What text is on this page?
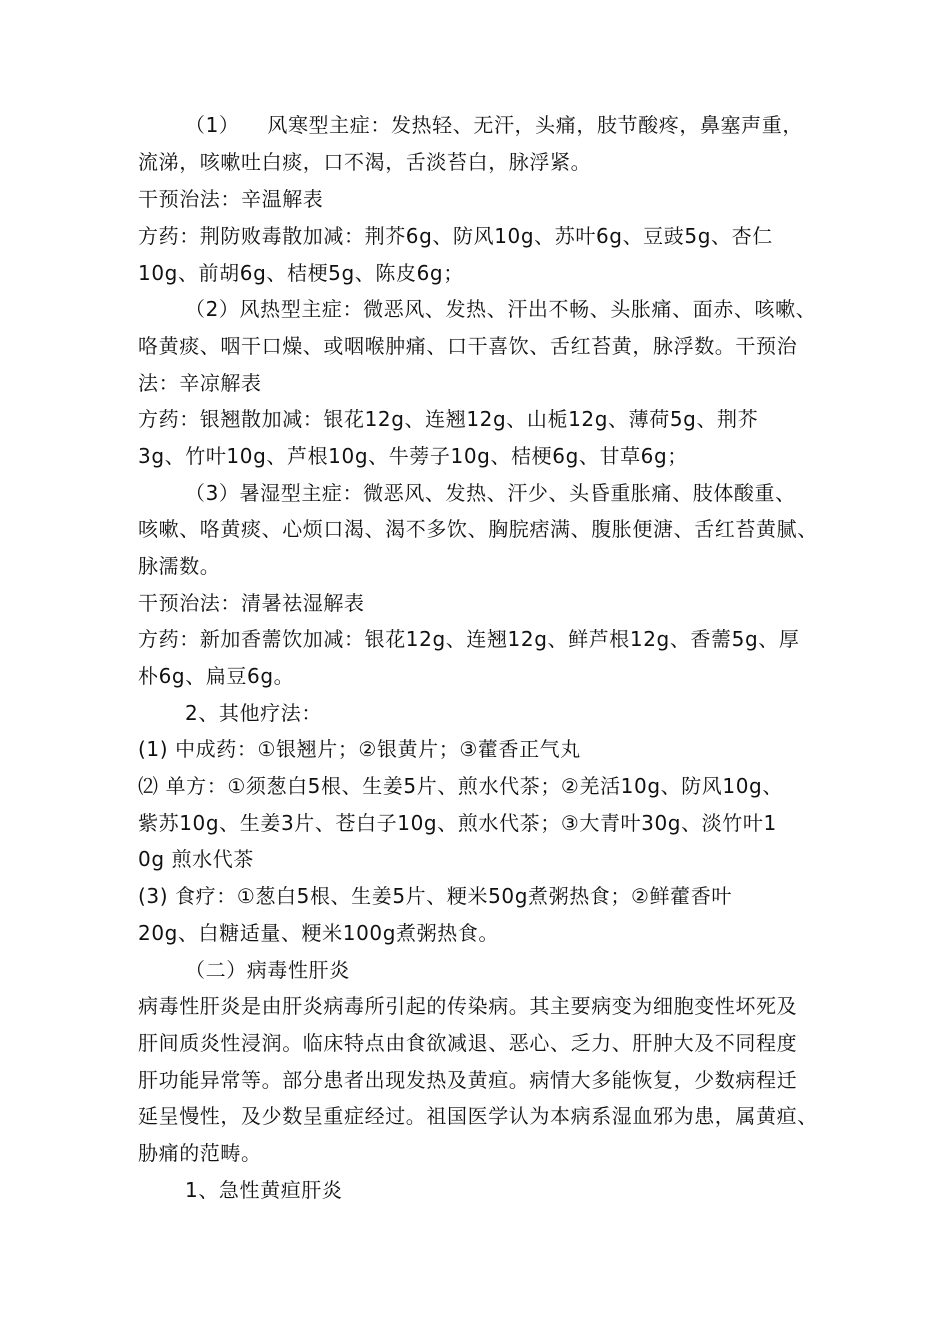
（1）    风寒型主症：发热轻、无汗，头痛，肢节酸疼，鼻塞声重，
流涕，咳嗽吐白痰，口不渴，舌淡苔白，脉浮紧。
干预治法：辛温解表
方药：荆防败毒散加减：荆芥6g、防风10g、苏叶6g、豆豉5g、杏仁
10g、前胡6g、桔梗5g、陈皮6g；
（2）风热型主症：微恶风、发热、汗出不畅、头胀痛、面赤、咳嗽、
咯黄痰、咽干口燥、或咽喉肿痛、口干喜饮、舌红苔黄，脉浮数。干预治
法：辛凉解表
方药：银翘散加减：银花12g、连翘12g、山栀12g、薄荷5g、荆芥
3g、竹叶10g、芦根10g、牛蒡子10g、桔梗6g、甘草6g；
（3）暑湿型主症：微恶风、发热、汗少、头昏重胀痛、肢体酸重、
咳嗽、咯黄痰、心烦口渴、渴不多饮、胸脘痞满、腹胀便溏、舌红苔黄腻、
脉濡数。
干预治法：清暑祛湿解表
方药：新加香薷饮加减：银花12g、连翘12g、鲜芦根12g、香薷5g、厚
朴6g、扁豆6g。
2、其他疗法：
(1) 中成药：①银翘片；②银黄片；③藿香正气丸
⑵ 单方：①须葱白5根、生姜5片、煎水代茶；②羌活10g、防风10g、
紫苏10g、生姜3片、苍白子10g、煎水代茶；③大青叶30g、淡竹叶1
0g 煎水代茶
(3) 食疗：①葱白5根、生姜5片、粳米50g煮粥热食；②鲜藿香叶
20g、白糖适量、粳米100g煮粥热食。
（二）病毒性肝炎
病毒性肝炎是由肝炎病毒所引起的传染病。其主要病变为细胞变性坏死及
肝间质炎性浸润。临床特点由食欲减退、恶心、乏力、肝肿大及不同程度
肝功能异常等。部分患者出现发热及黄疸。病情大多能恢复，少数病程迁
延呈慢性，及少数呈重症经过。祖国医学认为本病系湿血邪为患，属黄疸、
胁痛的范畴。
1、急性黄疸肝炎
